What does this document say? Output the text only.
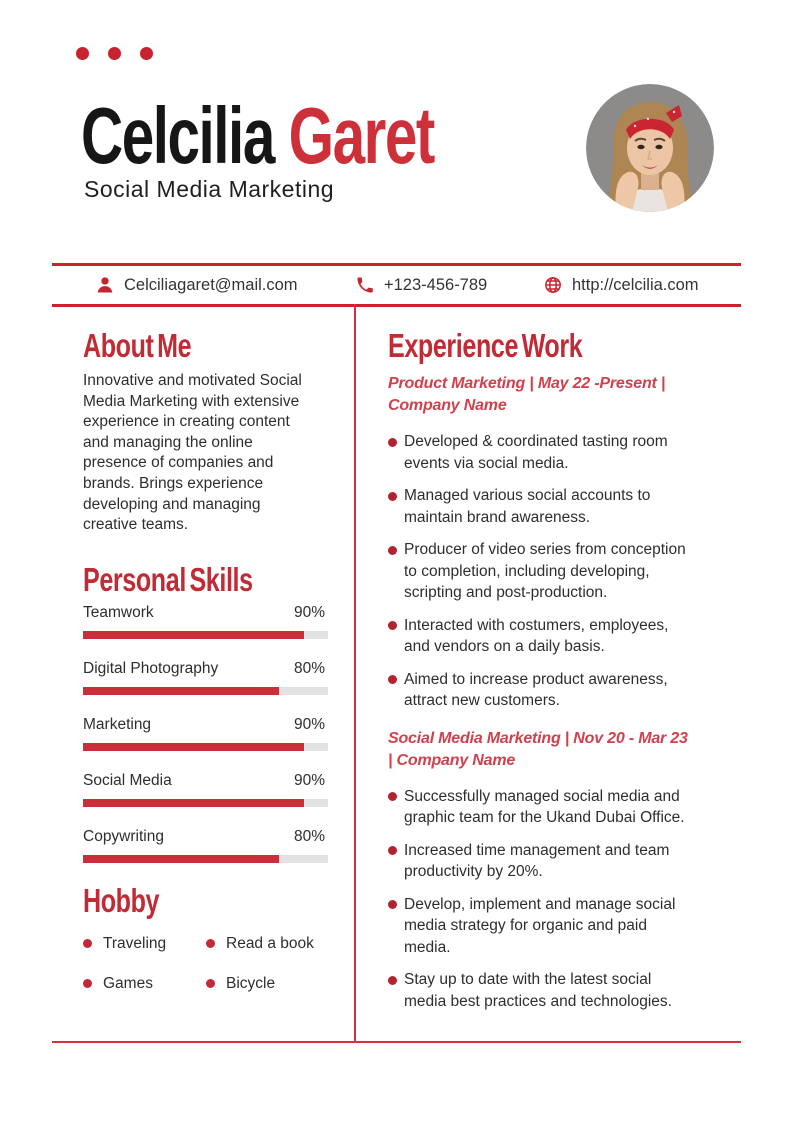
Celcilia Garet
Social Media Marketing
Celciliagaret@mail.com	+123-456-789	http://celcilia.com
About Me

Innovative and motivated Social Media Marketing with extensive experience in creating content and managing the online presence of companies and brands. Brings experience developing and managing creative teams.

Personal Skills
Teamwork	90%
Digital Photography	80%
Marketing	90%
Social Media	90%
Copywriting	80%
Hobby
Traveling	Read a book
Games	Bicycle
Experience Work

Product Marketing | May 22 -Present | Company Name

Developed & coordinated tasting room events via social media.

Managed various social accounts to maintain brand awareness.

Producer of video series from conception to completion, including developing, scripting and post-production.

Interacted with costumers, employees, and vendors on a daily basis.

Aimed to increase product awareness, attract new customers.

Social Media Marketing | Nov 20 - Mar 23 | Company Name

Successfully managed social media and graphic team for the Ukand Dubai Office.

Increased time management and team productivity by 20%.

Develop, implement and manage social media strategy for organic and paid media.

Stay up to date with the latest social media best practices and technologies.
